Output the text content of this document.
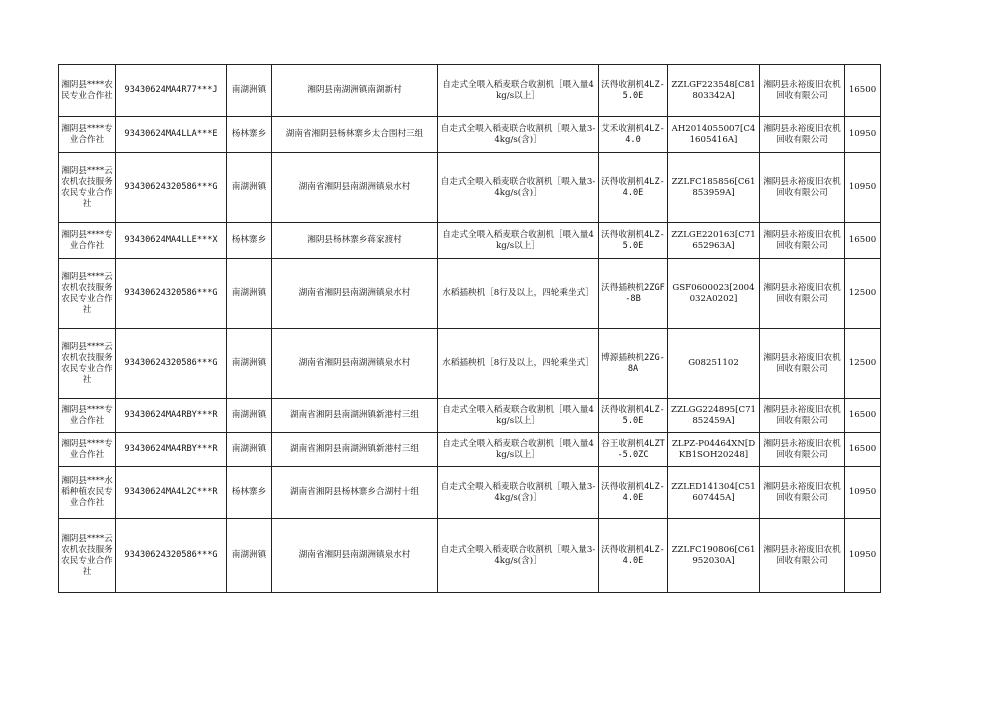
湘阴县****农民专业合作社	93430624MA4R77***J	南湖洲镇	湘阴县南湖洲镇南湖新村	自走式全喂入稻麦联合收割机［喂入量4kg/s以上］	沃得收割机4LZ-5.0E	ZZLGF223548[C81803342A]	湘阴县永裕废旧农机回收有限公司	16500
湘阴县****专业合作社	93430624MA4LLA***E	杨林寨乡	湖南省湘阴县杨林寨乡太合围村三组	自走式全喂入稻麦联合收割机［喂入量3-4kg/s(含)］	艾禾收割机4LZ-4.0	AH2014055007[C41605416A]	湘阴县永裕废旧农机回收有限公司	10950
湘阴县****云农机农技服务农民专业合作社	93430624320586***G	南湖洲镇	湖南省湘阴县南湖洲镇泉水村	自走式全喂入稻麦联合收割机［喂入量3-4kg/s(含)］	沃得收割机4LZ-4.0E	ZZLFC185856[C61853959A]	湘阴县永裕废旧农机回收有限公司	10950
湘阴县****专业合作社	93430624MA4LLE***X	杨林寨乡	湘阴县杨林寨乡蒋家渡村	自走式全喂入稻麦联合收割机［喂入量4kg/s以上］	沃得收割机4LZ-5.0E	ZZLGE220163[C71652963A]	湘阴县永裕废旧农机回收有限公司	16500
湘阴县****云农机农技服务农民专业合作社	93430624320586***G	南湖洲镇	湖南省湘阴县南湖洲镇泉水村	水稻插秧机［8行及以上，四轮乘坐式］	沃得插秧机2ZGF-8B	GSF0600023[2004032A0202]	湘阴县永裕废旧农机回收有限公司	12500
湘阴县****云农机农技服务农民专业合作社	93430624320586***G	南湖洲镇	湖南省湘阴县南湖洲镇泉水村	水稻插秧机［8行及以上，四轮乘坐式］	博源插秧机2ZG-8A	G08251102	湘阴县永裕废旧农机回收有限公司	12500
湘阴县****专业合作社	93430624MA4RBY***R	南湖洲镇	湖南省湘阴县南湖洲镇新港村三组	自走式全喂入稻麦联合收割机［喂入量4kg/s以上］	沃得收割机4LZ-5.0E	ZZLGG224895[C71852459A]	湘阴县永裕废旧农机回收有限公司	16500
湘阴县****专业合作社	93430624MA4RBY***R	南湖洲镇	湖南省湘阴县南湖洲镇新港村三组	自走式全喂入稻麦联合收割机［喂入量4kg/s以上］	谷王收割机4LZT-5.0ZC	ZLPZ-P04464XN[DKB1SOH20248]	湘阴县永裕废旧农机回收有限公司	16500
湘阴县****水稻种植农民专业合作社	93430624MA4L2C***R	杨林寨乡	湖南省湘阴县杨林寨乡合湖村十组	自走式全喂入稻麦联合收割机［喂入量3-4kg/s(含)］	沃得收割机4LZ-4.0E	ZZLED141304[C51607445A]	湘阴县永裕废旧农机回收有限公司	10950
湘阴县****云农机农技服务农民专业合作社	93430624320586***G	南湖洲镇	湖南省湘阴县南湖洲镇泉水村	自走式全喂入稻麦联合收割机［喂入量3-4kg/s(含)］	沃得收割机4LZ-4.0E	ZZLFC190806[C61952030A]	湘阴县永裕废旧农机回收有限公司	10950
